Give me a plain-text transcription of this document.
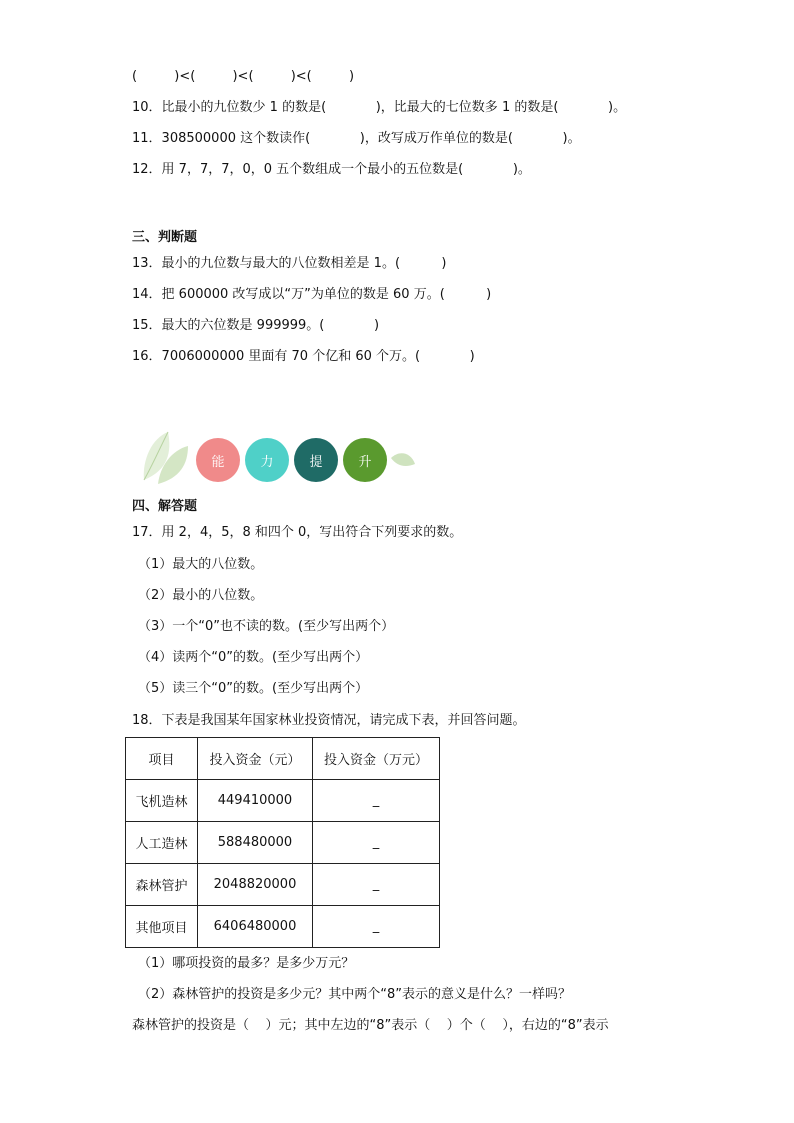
(         )<(         )<(         )<(         )
10．比最小的九位数少 1 的数是(            )，比最大的七位数多 1 的数是(            )。
11．308500000 这个数读作(            )，改写成万作单位的数是(            )。
12．用 7，7，7，0，0 五个数组成一个最小的五位数是(            )。
三、判断题
13．最小的九位数与最大的八位数相差是 1。(          )
14．把 600000 改写成以“万”为单位的数是 60 万。(          )
15．最大的六位数是 999999。(            )
16．7006000000 里面有 70 个亿和 60 个万。(            )
能	力	提	升
四、解答题
17．用 2，4，5，8 和四个 0，写出符合下列要求的数。
（1）最大的八位数。
（2）最小的八位数。
（3）一个“0”也不读的数。(至少写出两个）
（4）读两个“0”的数。(至少写出两个）
（5）读三个“0”的数。(至少写出两个）
18．下表是我国某年国家林业投资情况，请完成下表，并回答问题。
项目	投入资金（元）	投入资金（万元）
飞机造林	449410000	_
人工造林	588480000	_
森林管护	2048820000	_
其他项目	6406480000	_
（1）哪项投资的最多？是多少万元？
（2）森林管护的投资是多少元？其中两个“8”表示的意义是什么？一样吗？
森林管护的投资是（    ）元；其中左边的“8”表示（    ）个（    ），右边的“8”表示
